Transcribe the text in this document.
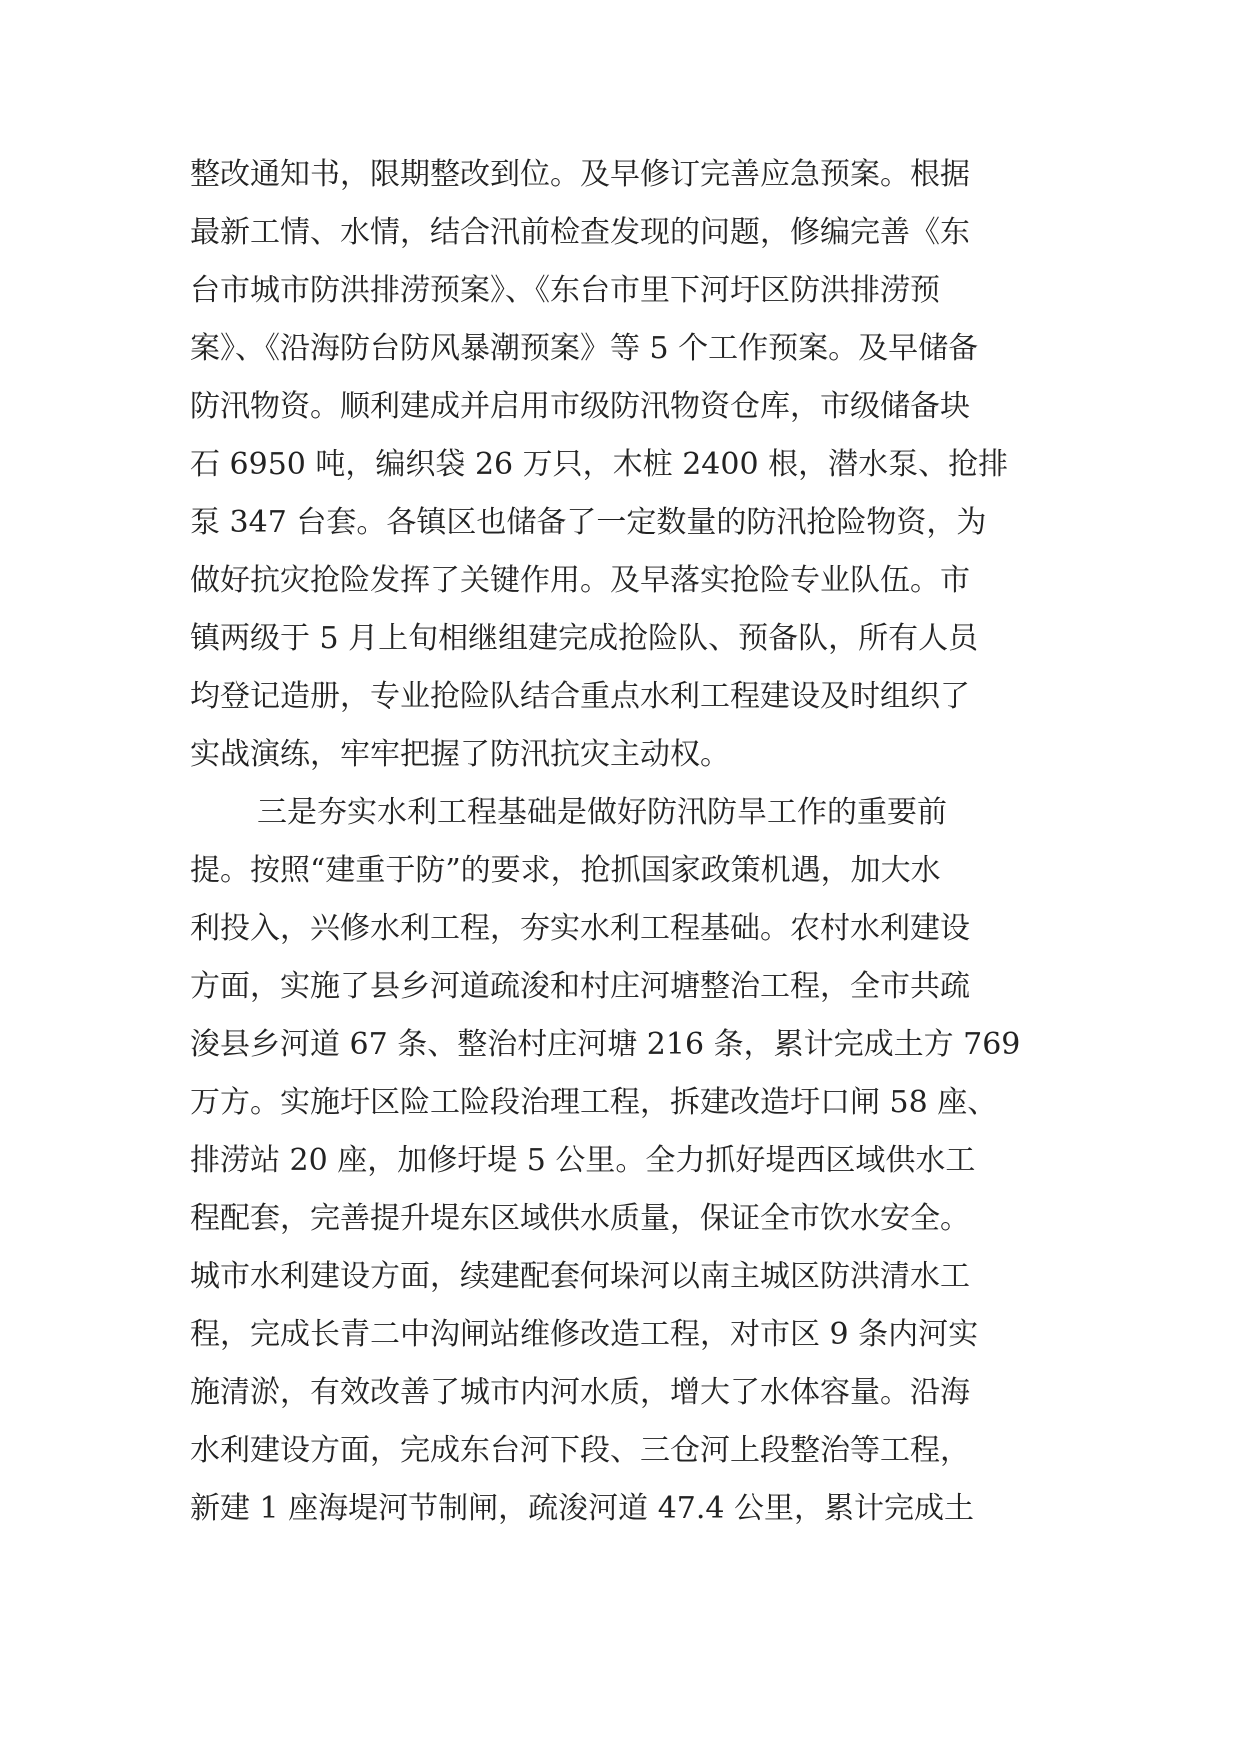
整改通知书，限期整改到位。及早修订完善应急预案。根据
最新工情、水情，结合汛前检查发现的问题，修编完善《东
台市城市防洪排涝预案》、《东台市里下河圩区防洪排涝预
案》、《沿海防台防风暴潮预案》等 5 个工作预案。及早储备
防汛物资。顺利建成并启用市级防汛物资仓库，市级储备块
石 6950 吨，编织袋 26 万只，木桩 2400 根，潜水泵、抢排
泵 347 台套。各镇区也储备了一定数量的防汛抢险物资，为
做好抗灾抢险发挥了关键作用。及早落实抢险专业队伍。市
镇两级于 5 月上旬相继组建完成抢险队、预备队，所有人员
均登记造册，专业抢险队结合重点水利工程建设及时组织了
实战演练，牢牢把握了防汛抗灾主动权。
三是夯实水利工程基础是做好防汛防旱工作的重要前
提。按照“建重于防”的要求，抢抓国家政策机遇，加大水
利投入，兴修水利工程，夯实水利工程基础。农村水利建设
方面，实施了县乡河道疏浚和村庄河塘整治工程，全市共疏
浚县乡河道 67 条、整治村庄河塘 216 条，累计完成土方 769
万方。实施圩区险工险段治理工程，拆建改造圩口闸 58 座、
排涝站 20 座，加修圩堤 5 公里。全力抓好堤西区域供水工
程配套，完善提升堤东区域供水质量，保证全市饮水安全。
城市水利建设方面，续建配套何垛河以南主城区防洪清水工
程，完成长青二中沟闸站维修改造工程，对市区 9 条内河实
施清淤，有效改善了城市内河水质，增大了水体容量。沿海
水利建设方面，完成东台河下段、三仓河上段整治等工程，
新建 1 座海堤河节制闸，疏浚河道 47.4 公里，累计完成土
